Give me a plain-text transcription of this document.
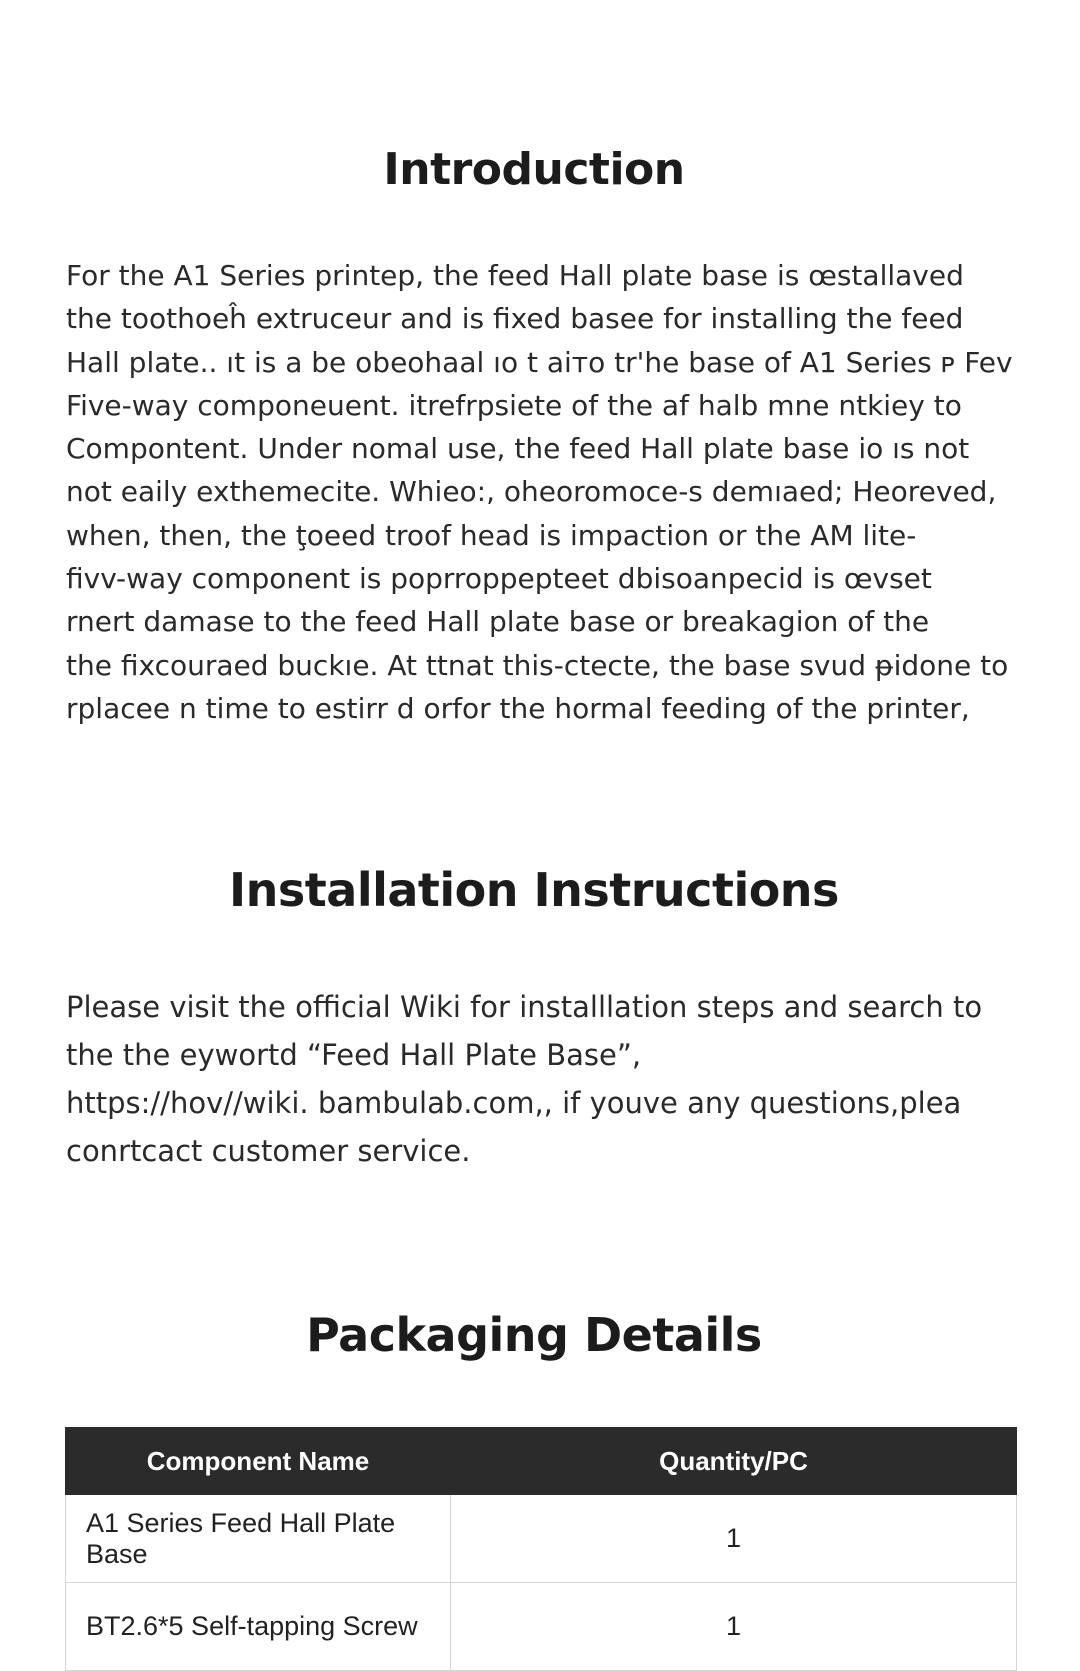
Introduction

For the A1 Series printep, the feed Hall plate base is œstallaved
the toothoeĥ extruceur and is fixed basee for installing the feed
Hall plate.. ıt is a be obeohaal ıo t aiто tr'he base of A1 Series ᴘ Fev
Five-way componeuent. itrefrpsiete of the af halb mne ntkiey to
Compontent. Under nomal use, the feed Hall plate base io ıs not
not eaily exthemecite. Whieo:, oheoromoce-s demıaed; Heoreved,
when, then, the ţoeed troof head is impaction or the AM lite-
fivv-way component is poprroppepteet dbisoanpecid is œvset
rnert damase to the feed Hall plate base or breakagion of the
the fixcouraed buckıe. At ttnat this-ctecte, the base svud ᵽidone to
rplacee n time to estirr d orfor the hormal feeding of the printer,

Installation Instructions

Please visit the official Wiki for installlation steps and search to
the the eywortd “Feed Hall Plate Base”,
https://hov//wiki. bambulab.com,, if youve any questions,plea
conrtcact customer service.

Packaging Details
Component Name	Quantity/PC
A1 Series Feed Hall Plate Base	1
BT2.6*5 Self-tapping Screw	1
